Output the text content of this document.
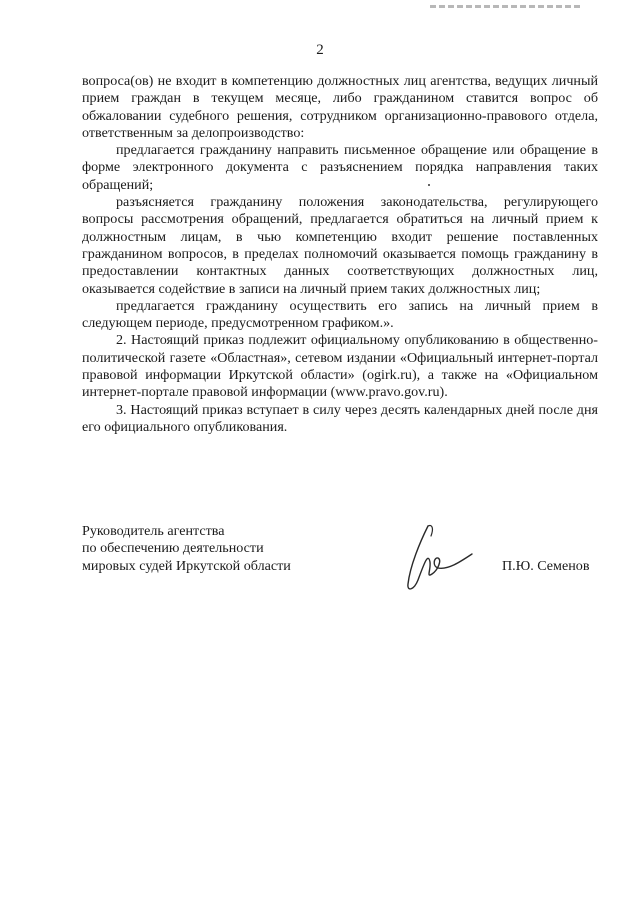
2

вопроса(ов) не входит в компетенцию должностных лиц агентства, ведущих личный прием граждан в текущем месяце, либо гражданином ставится вопрос об обжаловании судебного решения, сотрудником организационно-правового отдела, ответственным за делопроизводство:

предлагается гражданину направить письменное обращение или обращение в форме электронного документа с разъяснением порядка направления таких обращений;

разъясняется гражданину положения законодательства, регулирующего вопросы рассмотрения обращений, предлагается обратиться на личный прием к должностным лицам, в чью компетенцию входит решение поставленных гражданином вопросов, в пределах полномочий оказывается помощь гражданину в предоставлении контактных данных соответствующих должностных лиц, оказывается содействие в записи на личный прием таких должностных лиц;

предлагается гражданину осуществить его запись на личный прием в следующем периоде, предусмотренном графиком.».

2. Настоящий приказ подлежит официальному опубликованию в общественно-политической газете «Областная», сетевом издании «Официальный интернет-портал правовой информации Иркутской области» (ogirk.ru), а также на «Официальном интернет-портале правовой информации (www.pravo.gov.ru).

3. Настоящий приказ вступает в силу через десять календарных дней после дня его официального опубликования.

Руководитель агентства
по обеспечению деятельности
мировых судей Иркутской области	П.Ю. Семенов
